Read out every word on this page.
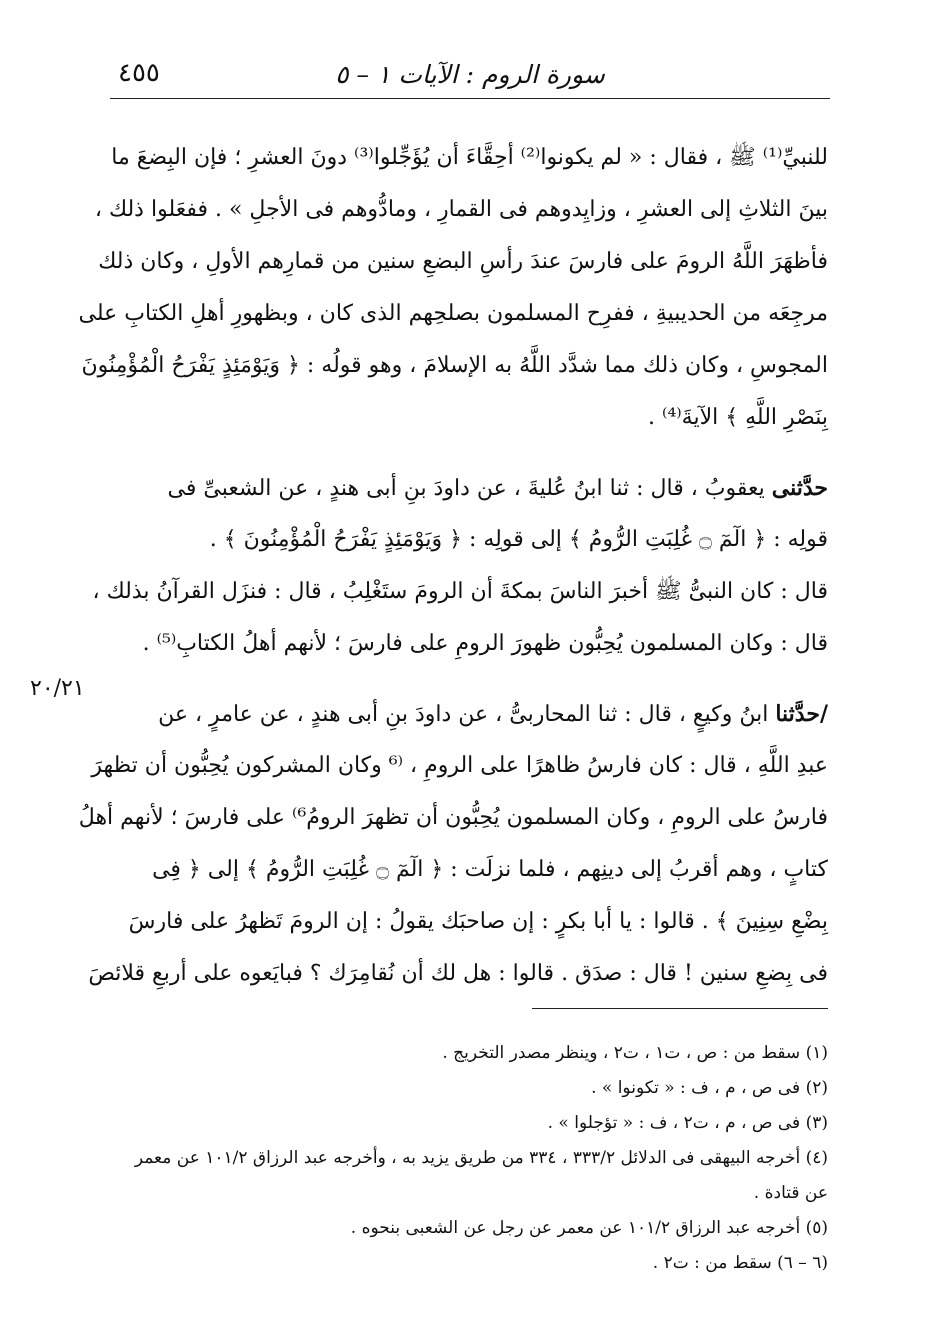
٤٥٥	سورة الروم : الآيات ١ – ٥
للنبيِّ⁽¹⁾ ﷺ ، فقال : « لم يكونوا⁽²⁾ أحِقَّاءَ أن يُؤَجِّلوا⁽³⁾ دونَ العشرِ ؛ فإن البِضعَ ما
بينَ الثلاثِ إلى العشرِ ، وزايِدوهم فى القمارِ ، ومادُّوهم فى الأجلِ » . ففعَلوا ذلك ،
فأظهَرَ اللَّهُ الرومَ على فارسَ عندَ رأسِ البضعِ سنين من قمارِهم الأولِ ، وكان ذلك
مرجِعَه من الحديبيةِ ، ففرِح المسلمون بصلحِهم الذى كان ، وبظهورِ أهلِ الكتابِ على
المجوسِ ، وكان ذلك مما شدَّد اللَّهُ به الإسلامَ ، وهو قولُه : ﴿ وَيَوْمَئِذٍ يَفْرَحُ الْمُؤْمِنُونَ
بِنَصْرِ اللَّهِ ﴾ الآيةَ⁽⁴⁾ .
حدَّثنى يعقوبُ ، قال : ثنا ابنُ عُليةَ ، عن داودَ بنِ أبى هندٍ ، عن الشعبىِّ فى
قولِه : ﴿ الٓمٓ ۝ غُلِبَتِ الرُّومُ ﴾ إلى قولِه : ﴿ وَيَوْمَئِذٍ يَفْرَحُ الْمُؤْمِنُونَ ﴾ .
قال : كان النبىُّ ﷺ أخبرَ الناسَ بمكةَ أن الرومَ ستَغْلِبُ ، قال : فنزَل القرآنُ بذلك ،
قال : وكان المسلمون يُحِبُّون ظهورَ الرومِ على فارسَ ؛ لأنهم أهلُ الكتابِ⁽⁵⁾ .
/حدَّثنا ابنُ وكيعٍ ، قال : ثنا المحاربىُّ ، عن داودَ بنِ أبى هندٍ ، عن عامرٍ ، عن
عبدِ اللَّهِ ، قال : كان فارسُ ظاهرًا على الرومِ ، ⁽⁶ وكان المشركون يُحِبُّون أن تظهرَ
فارسُ على الرومِ ، وكان المسلمون يُحِبُّون أن تظهرَ الرومُ⁶⁾ على فارسَ ؛ لأنهم أهلُ
كتابٍ ، وهم أقربُ إلى دينِهم ، فلما نزلَت : ﴿ الٓمٓ ۝ غُلِبَتِ الرُّومُ ﴾ إلى ﴿ فِى
بِضْعِ سِنِينَ ﴾ . قالوا : يا أبا بكرٍ : إن صاحبَك يقولُ : إن الرومَ تَظهرُ على فارسَ
فى بِضعِ سنين ! قال : صدَق . قالوا : هل لك أن نُقامِرَك ؟ فبايَعوه على أربعِ قلائصَ
٢٠/٢١
(١) سقط من : ص ، ت١ ، ت٢ ، وينظر مصدر التخريج .
(٢) فى ص ، م ، ف : « تكونوا » .
(٣) فى ص ، م ، ت٢ ، ف : « تؤجلوا » .
(٤) أخرجه البيهقى فى الدلائل ٣٣٣/٢ ، ٣٣٤ من طريق يزيد به ، وأخرجه عبد الرزاق ١٠١/٢ عن معمر
عن قتادة .
(٥) أخرجه عبد الرزاق ١٠١/٢ عن معمر عن رجل عن الشعبى بنحوه .
(٦ – ٦) سقط من : ت٢ .
